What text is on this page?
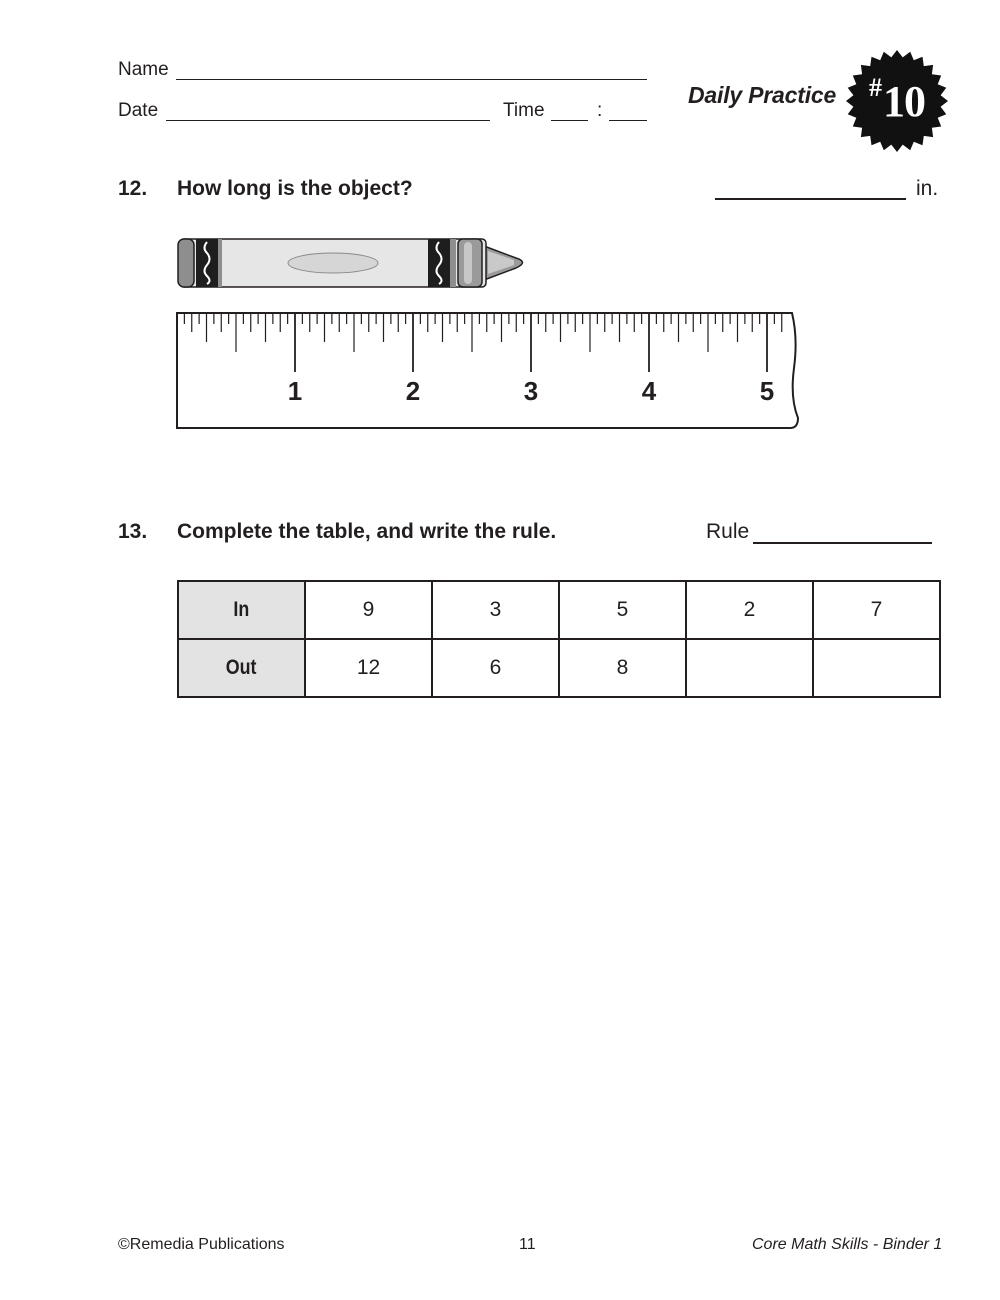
Name
Date	Time	:
Daily Practice # 10
12. How long is the object?	in.
1	2	3	4	5
13. Complete the table, and write the rule.	Rule
In	9	3	5	2	7
Out	12	6	8		
©Remedia Publications	11	Core Math Skills - Binder 1
